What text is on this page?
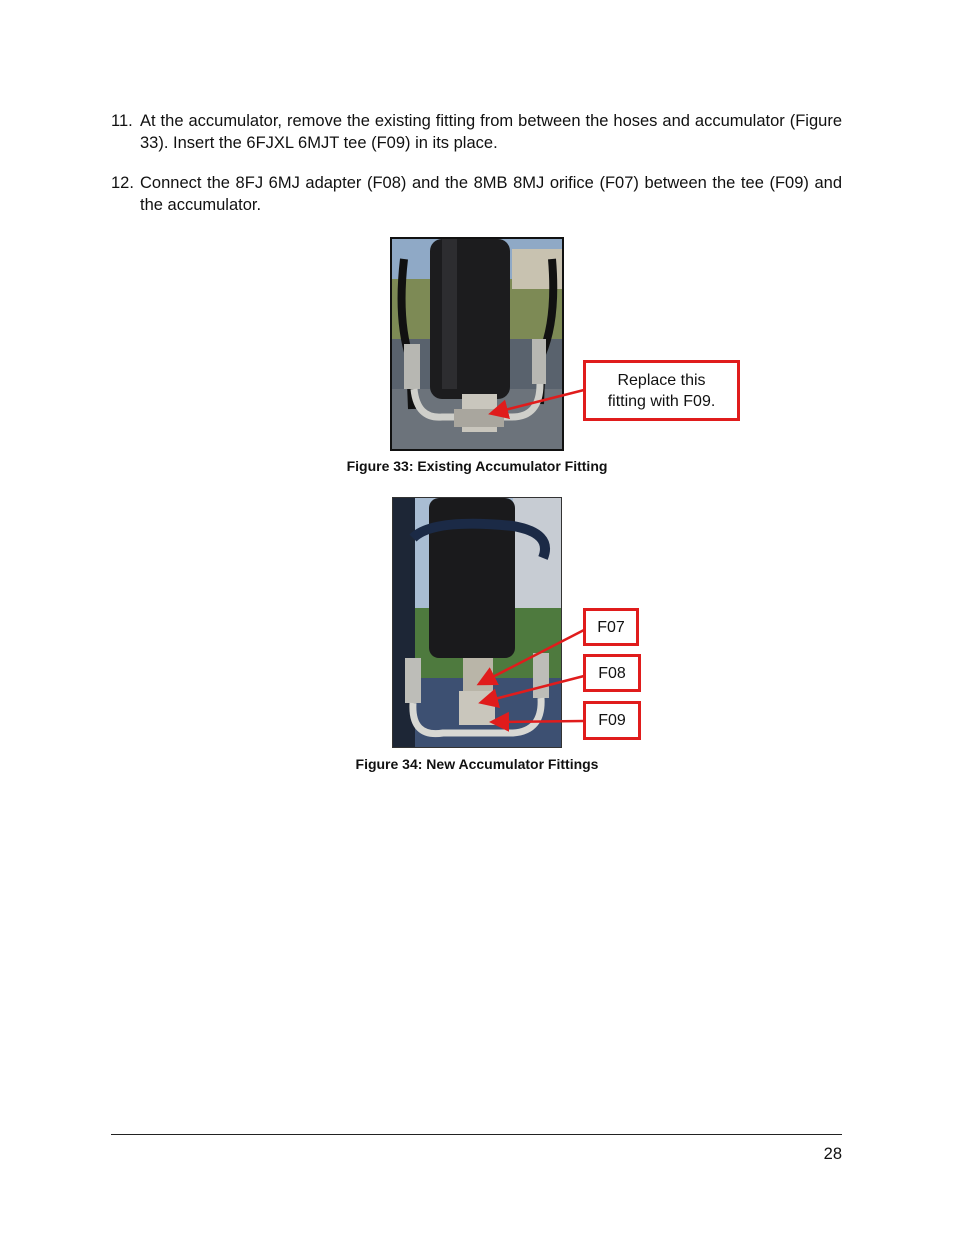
11. At the accumulator, remove the existing fitting from between the hoses and accumulator (Figure 33). Insert the 6FJXL 6MJT tee (F09) in its place.
12. Connect the 8FJ 6MJ adapter (F08) and the 8MB 8MJ orifice (F07) between the tee (F09) and the accumulator.
Replace this fitting with F09.
Figure 33: Existing Accumulator Fitting
F07
F08
F09
Figure 34: New Accumulator Fittings
28
